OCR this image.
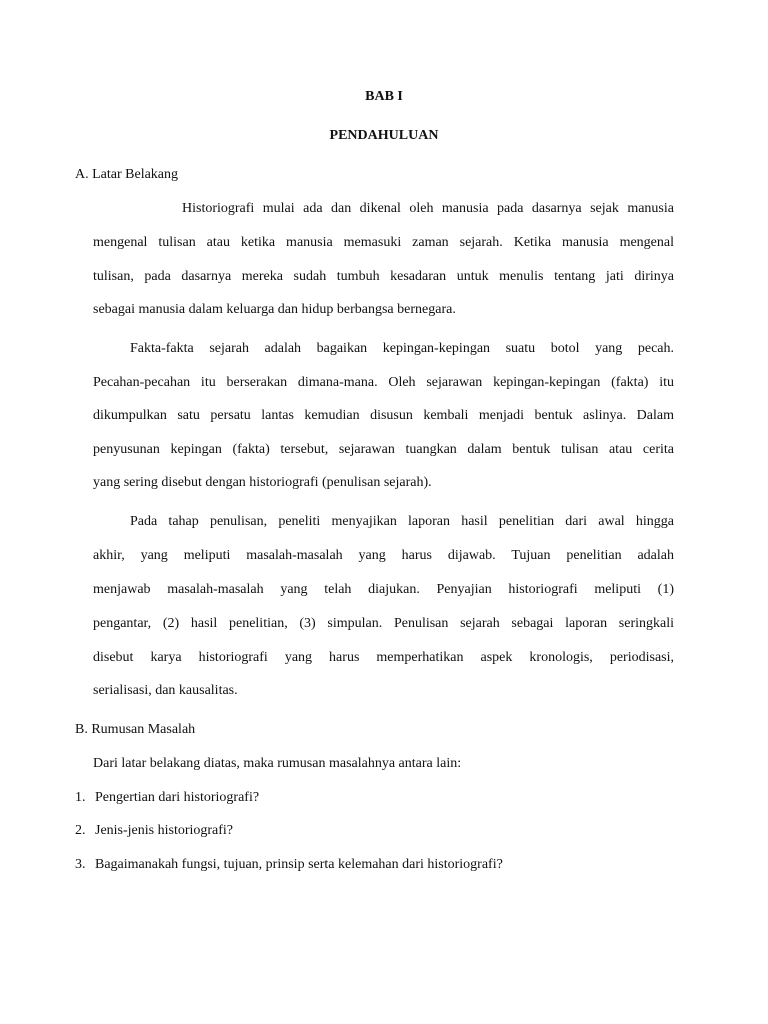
BAB I
PENDAHULUAN
A. Latar Belakang
Historiografi mulai ada dan dikenal oleh manusia pada dasarnya sejak manusia
mengenal tulisan atau ketika manusia memasuki zaman sejarah. Ketika manusia mengenal
tulisan, pada dasarnya mereka sudah tumbuh kesadaran untuk menulis tentang jati dirinya
sebagai manusia dalam keluarga dan hidup berbangsa bernegara.
Fakta-fakta sejarah adalah bagaikan kepingan-kepingan suatu botol yang pecah.
Pecahan-pecahan itu berserakan dimana-mana. Oleh sejarawan kepingan-kepingan (fakta) itu
dikumpulkan satu persatu lantas kemudian disusun kembali menjadi bentuk aslinya. Dalam
penyusunan kepingan (fakta) tersebut, sejarawan tuangkan dalam bentuk tulisan atau cerita
yang sering disebut dengan historiografi (penulisan sejarah).
Pada tahap penulisan, peneliti menyajikan laporan hasil penelitian dari awal hingga
akhir, yang meliputi masalah-masalah yang harus dijawab. Tujuan penelitian adalah
menjawab masalah-masalah yang telah diajukan. Penyajian historiografi meliputi (1)
pengantar, (2) hasil penelitian, (3) simpulan. Penulisan sejarah sebagai laporan seringkali
disebut karya historiografi yang harus memperhatikan aspek kronologis, periodisasi,
serialisasi, dan kausalitas.
B. Rumusan Masalah
Dari latar belakang diatas, maka rumusan masalahnya antara lain:
1. Pengertian dari historiografi?
2. Jenis-jenis historiografi?
3. Bagaimanakah fungsi, tujuan, prinsip serta kelemahan dari historiografi?
